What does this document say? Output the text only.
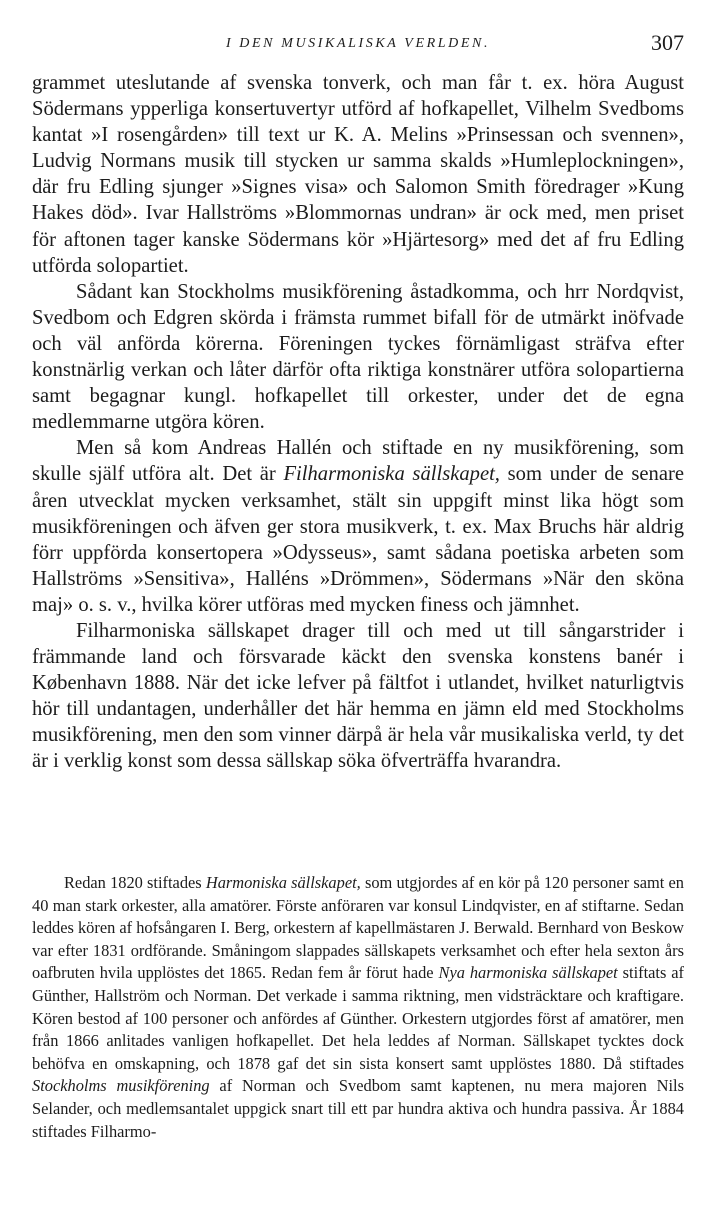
I DEN MUSIKALISKA VERLDEN.	307

grammet uteslutande af svenska tonverk, och man får t. ex. höra August Södermans ypperliga konsertuvertyr utförd af hofkapellet, Vilhelm Svedboms kantat »I rosengården» till text ur K. A. Melins »Prinsessan och svennen», Ludvig Normans musik till stycken ur samma skalds »Humleplockningen», där fru Edling sjunger »Signes visa» och Salomon Smith föredrager »Kung Hakes död». Ivar Hallströms »Blommornas undran» är ock med, men priset för aftonen tager kanske Södermans kör »Hjärtesorg» med det af fru Edling utförda solopartiet.

Sådant kan Stockholms musikförening åstadkomma, och hrr Nordqvist, Svedbom och Edgren skörda i främsta rummet bifall för de utmärkt inöfvade och väl anförda körerna. Föreningen tyckes förnämligast sträfva efter konstnärlig verkan och låter därför ofta riktiga konstnärer utföra solopartierna samt begagnar kungl. hofkapellet till orkester, under det de egna medlemmarne utgöra kören.

Men så kom Andreas Hallén och stiftade en ny musikförening, som skulle själf utföra alt. Det är Filharmoniska sällskapet, som under de senare åren utvecklat mycken verksamhet, stält sin uppgift minst lika högt som musikföreningen och äfven ger stora musikverk, t. ex. Max Bruchs här aldrig förr uppförda konsertopera »Odysseus», samt sådana poetiska arbeten som Hallströms »Sensitiva», Halléns »Drömmen», Södermans »När den sköna maj» o. s. v., hvilka körer utföras med mycken finess och jämnhet.

Filharmoniska sällskapet drager till och med ut till sångarstrider i främmande land och försvarade käckt den svenska konstens banér i København 1888. När det icke lefver på fältfot i utlandet, hvilket naturligtvis hör till undantagen, underhåller det här hemma en jämn eld med Stockholms musikförening, men den som vinner därpå är hela vår musikaliska verld, ty det är i verklig konst som dessa sällskap söka öfverträffa hvarandra.

Redan 1820 stiftades Harmoniska sällskapet, som utgjordes af en kör på 120 personer samt en 40 man stark orkester, alla amatörer. Förste anföraren var konsul Lindqvister, en af stiftarne. Sedan leddes kören af hofsångaren I. Berg, orkestern af kapellmästaren J. Berwald. Bernhard von Beskow var efter 1831 ordförande. Småningom slappades sällskapets verksamhet och efter hela sexton års oafbruten hvila upplöstes det 1865. Redan fem år förut hade Nya harmoniska sällskapet stiftats af Günther, Hallström och Norman. Det verkade i samma riktning, men vidsträcktare och kraftigare. Kören bestod af 100 personer och anfördes af Günther. Orkestern utgjordes först af amatörer, men från 1866 anlitades vanligen hofkapellet. Det hela leddes af Norman. Sällskapet tycktes dock behöfva en omskapning, och 1878 gaf det sin sista konsert samt upplöstes 1880. Då stiftades Stockholms musikförening af Norman och Svedbom samt kaptenen, nu mera majoren Nils Selander, och medlemsantalet uppgick snart till ett par hundra aktiva och hundra passiva. År 1884 stiftades Filharmo-
